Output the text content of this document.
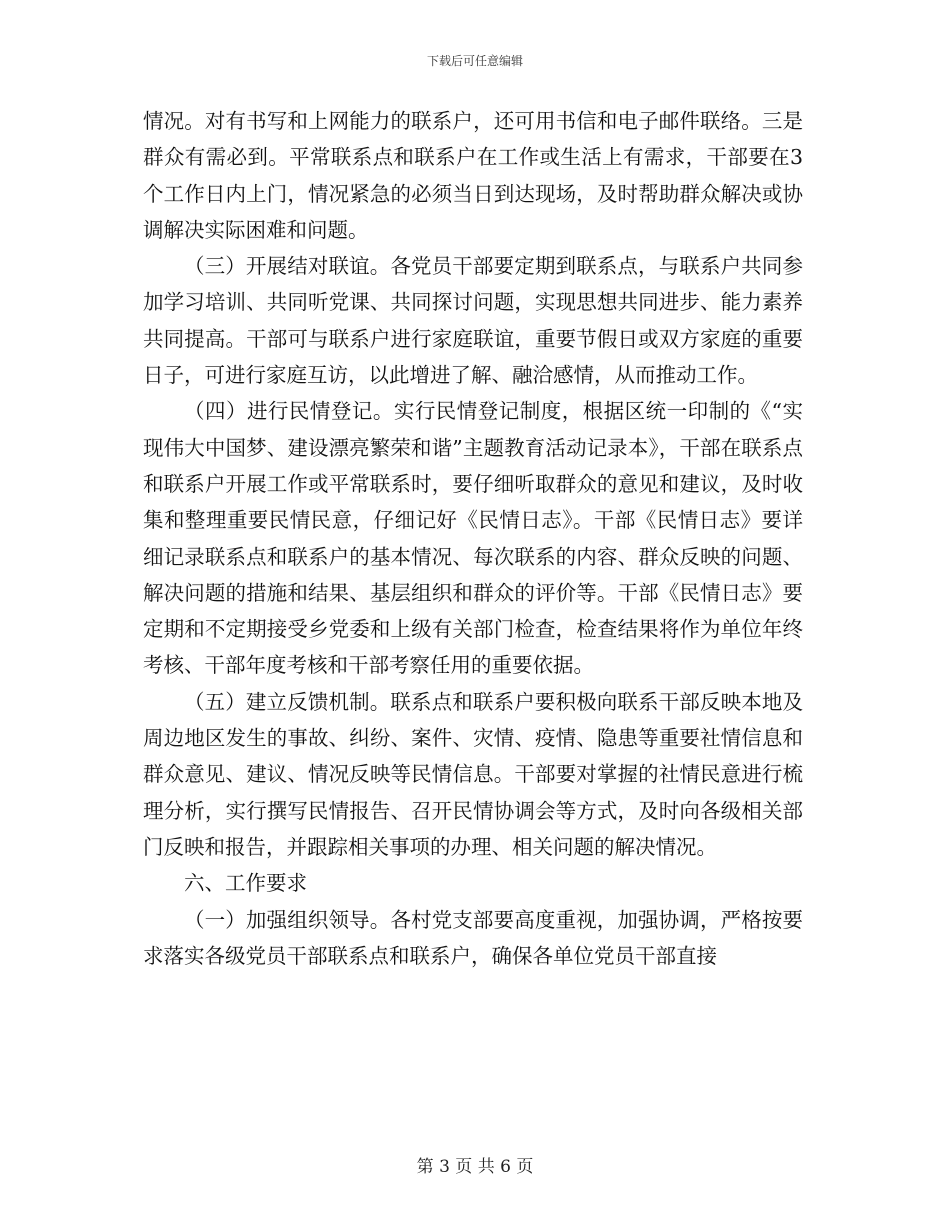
下载后可任意编辑

情况。对有书写和上网能力的联系户，还可用书信和电子邮件联络。三是群众有需必到。平常联系点和联系户在工作或生活上有需求，干部要在3个工作日内上门，情况紧急的必须当日到达现场，及时帮助群众解决或协调解决实际困难和问题。

（三）开展结对联谊。各党员干部要定期到联系点，与联系户共同参加学习培训、共同听党课、共同探讨问题，实现思想共同进步、能力素养共同提高。干部可与联系户进行家庭联谊，重要节假日或双方家庭的重要日子，可进行家庭互访，以此增进了解、融洽感情，从而推动工作。

（四）进行民情登记。实行民情登记制度，根据区统一印制的《“实现伟大中国梦、建设漂亮繁荣和谐”主题教育活动记录本》，干部在联系点和联系户开展工作或平常联系时，要仔细听取群众的意见和建议，及时收集和整理重要民情民意，仔细记好《民情日志》。干部《民情日志》要详细记录联系点和联系户的基本情况、每次联系的内容、群众反映的问题、解决问题的措施和结果、基层组织和群众的评价等。干部《民情日志》要定期和不定期接受乡党委和上级有关部门检查，检查结果将作为单位年终考核、干部年度考核和干部考察任用的重要依据。

（五）建立反馈机制。联系点和联系户要积极向联系干部反映本地及周边地区发生的事故、纠纷、案件、灾情、疫情、隐患等重要社情信息和群众意见、建议、情况反映等民情信息。干部要对掌握的社情民意进行梳理分析，实行撰写民情报告、召开民情协调会等方式，及时向各级相关部门反映和报告，并跟踪相关事项的办理、相关问题的解决情况。

六、工作要求

（一）加强组织领导。各村党支部要高度重视，加强协调，严格按要求落实各级党员干部联系点和联系户，确保各单位党员干部直接

第 3 页 共 6 页
